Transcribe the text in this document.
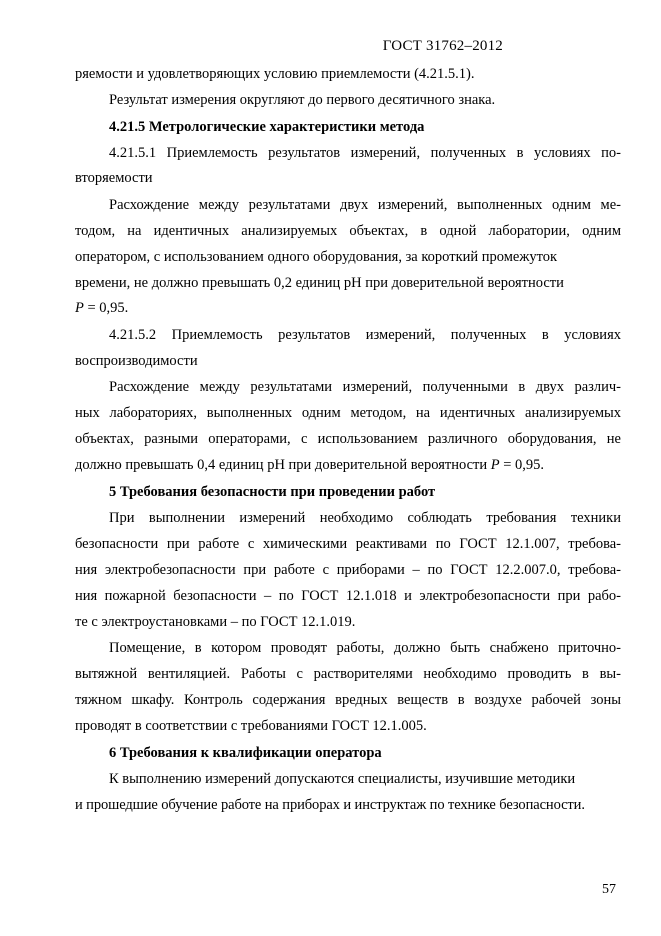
ГОСТ 31762–2012
ряемости и удовлетворяющих условию приемлемости (4.21.5.1).
Результат измерения округляют до первого десятичного знака.
4.21.5 Метрологические характеристики метода
4.21.5.1 Приемлемость результатов измерений, полученных в условиях по-
вторяемости
Расхождение между результатами двух измерений, выполненных одним ме-
тодом, на идентичных анализируемых объектах, в одной лаборатории, одним
оператором, с использованием одного оборудования, за короткий промежуток
времени, не должно превышать 0,2 единиц pH при доверительной вероятности
P = 0,95.
4.21.5.2 Приемлемость результатов измерений, полученных в условиях
воспроизводимости
Расхождение между результатами измерений, полученными в двух различ-
ных лабораториях, выполненных одним методом, на идентичных анализируемых
объектах, разными операторами, с использованием различного оборудования, не
должно превышать 0,4 единиц pH при доверительной вероятности P = 0,95.
5 Требования безопасности при проведении работ
При выполнении измерений необходимо соблюдать требования техники
безопасности при работе с химическими реактивами по ГОСТ 12.1.007, требова-
ния электробезопасности при работе с приборами – по ГОСТ 12.2.007.0, требова-
ния пожарной безопасности – по ГОСТ 12.1.018 и электробезопасности при рабо-
те с электроустановками – по ГОСТ 12.1.019.
Помещение, в котором проводят работы, должно быть снабжено приточно-
вытяжной вентиляцией. Работы с растворителями необходимо проводить в вы-
тяжном шкафу. Контроль содержания вредных веществ в воздухе рабочей зоны
проводят в соответствии с требованиями ГОСТ 12.1.005.
6 Требования к квалификации оператора
К выполнению измерений допускаются специалисты, изучившие методики
и прошедшие обучение работе на приборах и инструктаж по технике безопасности.
57
